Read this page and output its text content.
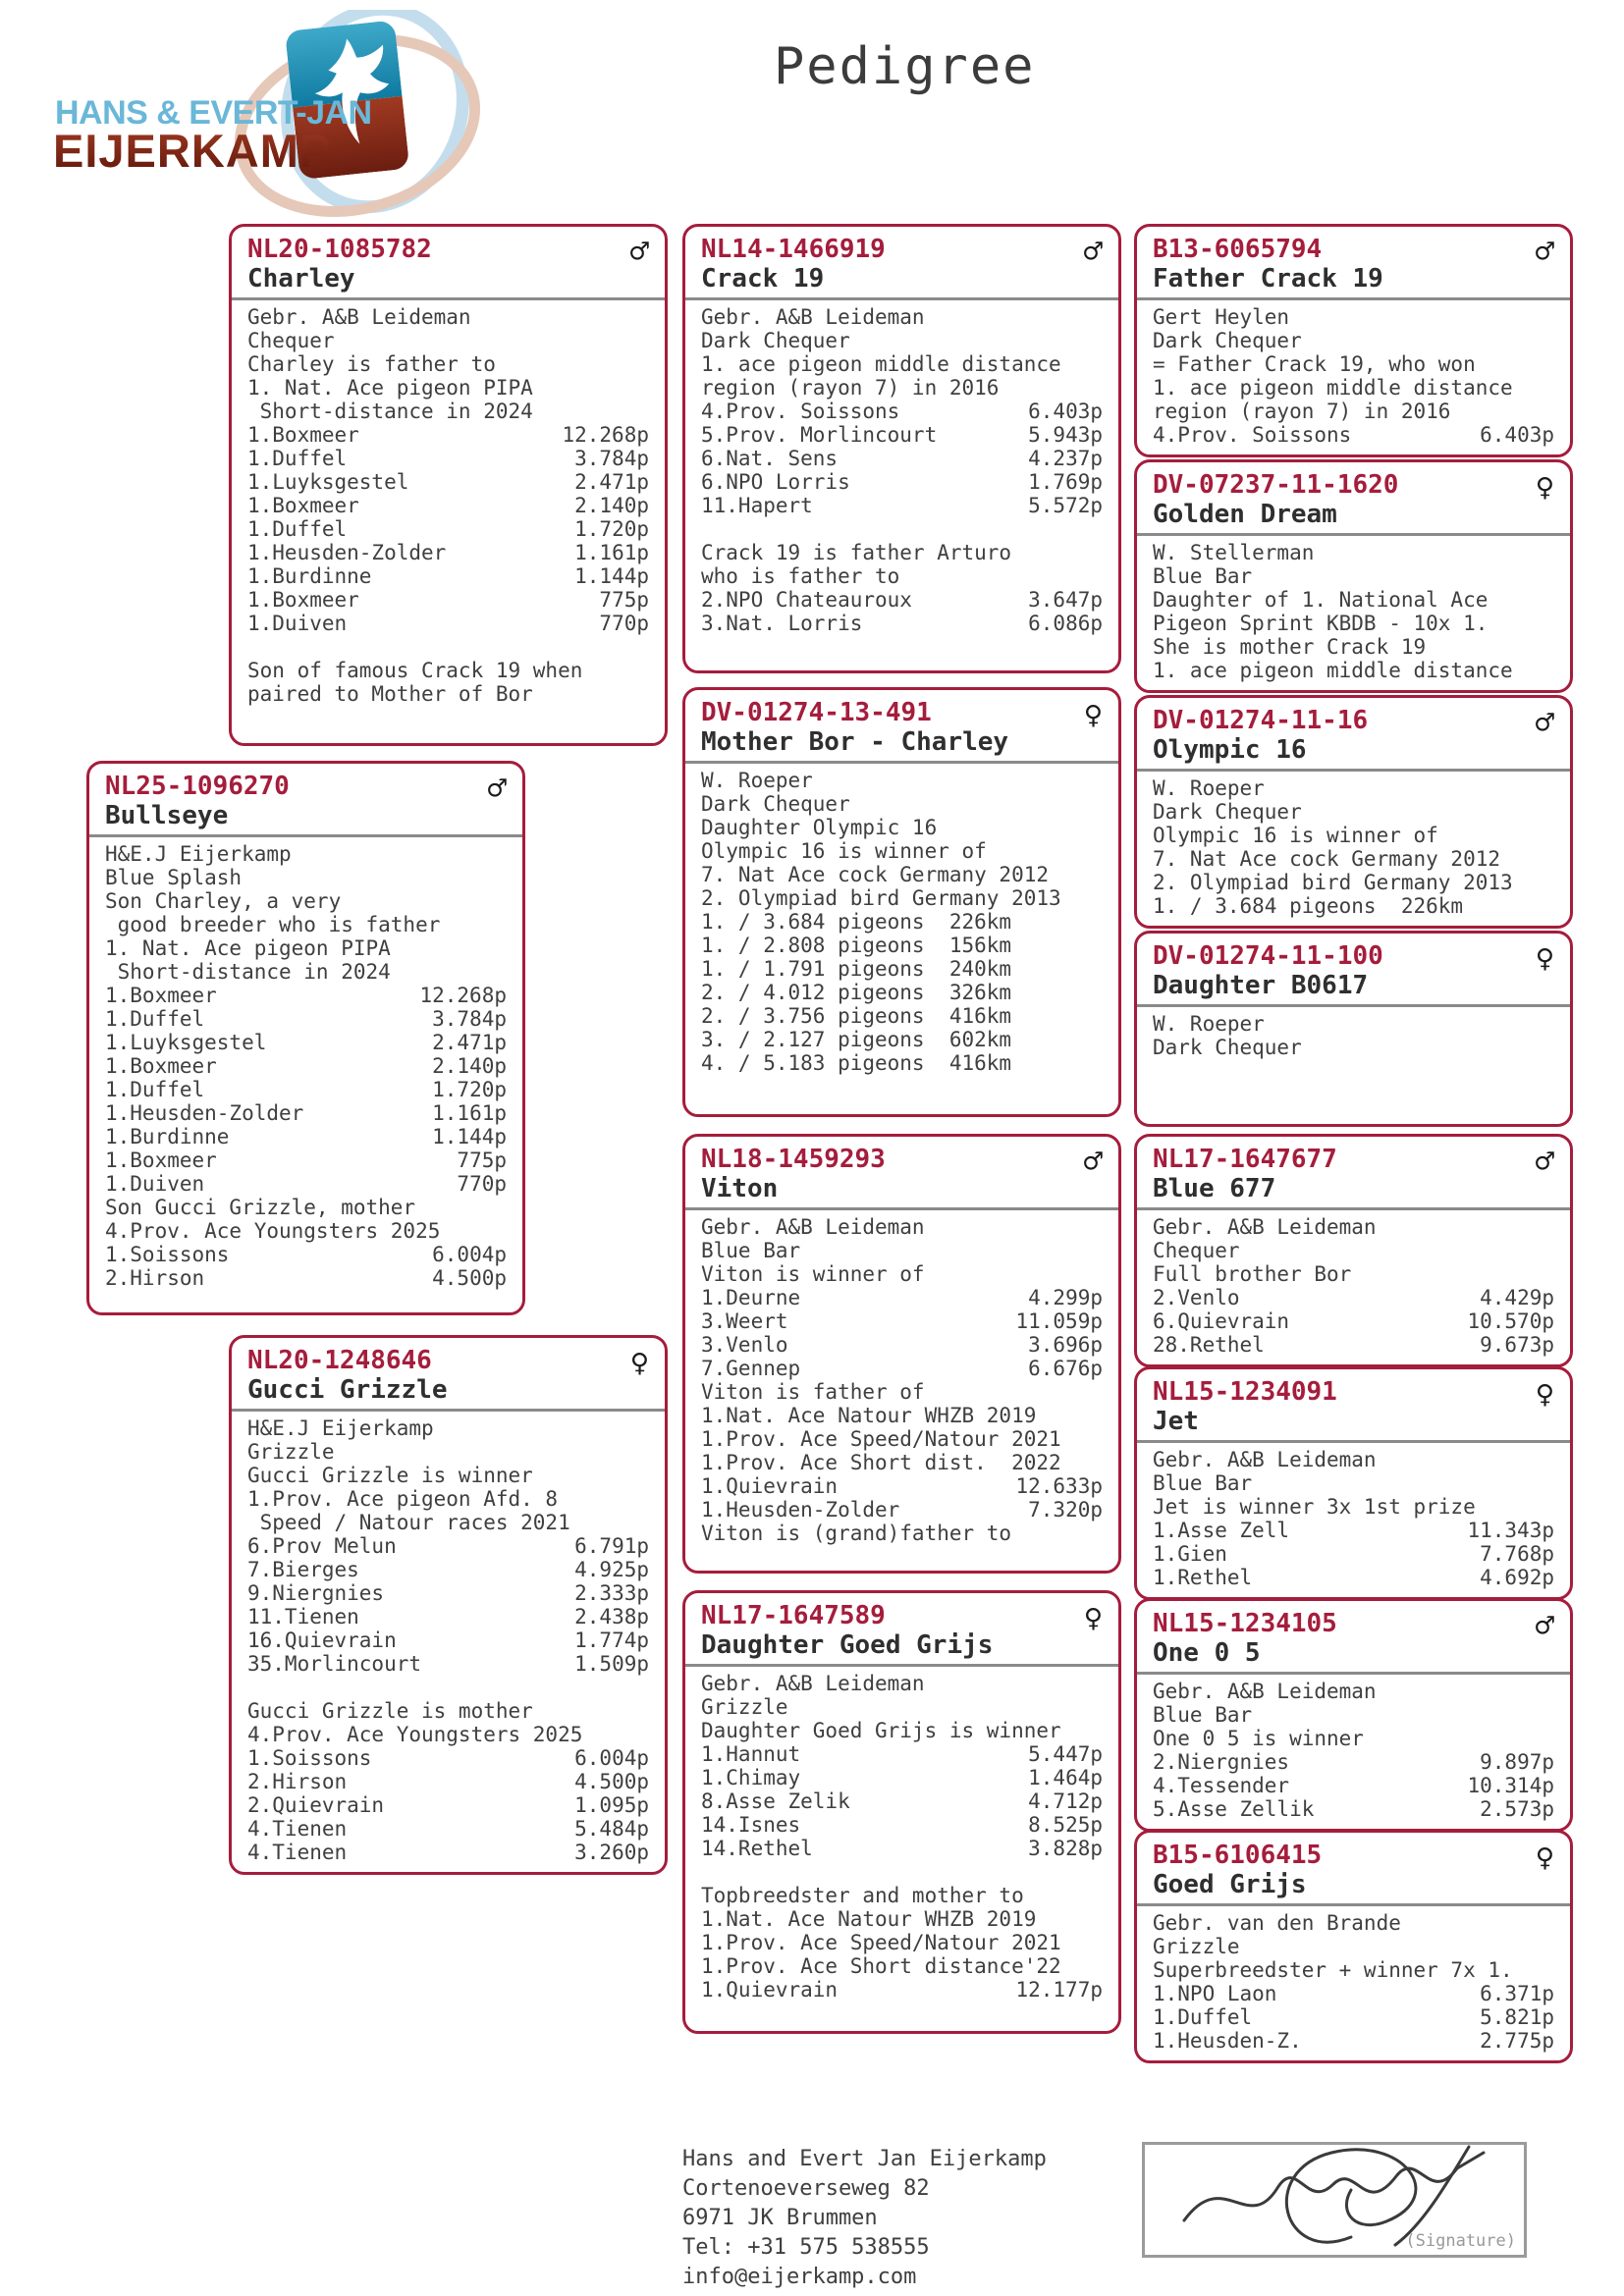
HANS & EVERT-JAN
EIJERKAMP
Pedigree
NL20-1085782
Charley
♂
Gebr. A&B Leideman
Chequer
Charley is father to
1. Nat. Ace pigeon PIPA
Short-distance in 2024
1.Boxmeer	12.268p
1.Duffel	3.784p
1.Luyksgestel	2.471p
1.Boxmeer	2.140p
1.Duffel	1.720p
1.Heusden-Zolder	1.161p
1.Burdinne	1.144p
1.Boxmeer	775p
1.Duiven	770p

Son of famous Crack 19 when
paired to Mother of Bor
NL25-1096270
Bullseye
♂
H&E.J Eijerkamp
Blue Splash
Son Charley, a very
good breeder who is father
1. Nat. Ace pigeon PIPA
Short-distance in 2024
1.Boxmeer	12.268p
1.Duffel	3.784p
1.Luyksgestel	2.471p
1.Boxmeer	2.140p
1.Duffel	1.720p
1.Heusden-Zolder	1.161p
1.Burdinne	1.144p
1.Boxmeer	775p
1.Duiven	770p
Son Gucci Grizzle, mother
4.Prov. Ace Youngsters 2025
1.Soissons	6.004p
2.Hirson	4.500p
NL20-1248646
Gucci Grizzle
♀
H&E.J Eijerkamp
Grizzle
Gucci Grizzle is winner
1.Prov. Ace pigeon Afd. 8
Speed / Natour races 2021
6.Prov Melun	6.791p
7.Bierges	4.925p
9.Niergnies	2.333p
11.Tienen	2.438p
16.Quievrain	1.774p
35.Morlincourt	1.509p

Gucci Grizzle is mother
4.Prov. Ace Youngsters 2025
1.Soissons	6.004p
2.Hirson	4.500p
2.Quievrain	1.095p
4.Tienen	5.484p
4.Tienen	3.260p
NL14-1466919
Crack 19
♂
Gebr. A&B Leideman
Dark Chequer
1. ace pigeon middle distance
region (rayon 7) in 2016
4.Prov. Soissons	6.403p
5.Prov. Morlincourt	5.943p
6.Nat. Sens	4.237p
6.NPO Lorris	1.769p
11.Hapert	5.572p

Crack 19 is father Arturo
who is father to
2.NPO Chateauroux	3.647p
3.Nat. Lorris	6.086p
DV-01274-13-491
Mother Bor - Charley
♀
W. Roeper
Dark Chequer
Daughter Olympic 16
Olympic 16 is winner of
7. Nat Ace cock Germany 2012
2. Olympiad bird Germany 2013
1. / 3.684 pigeons  226km
1. / 2.808 pigeons  156km
1. / 1.791 pigeons  240km
2. / 4.012 pigeons  326km
2. / 3.756 pigeons  416km
3. / 2.127 pigeons  602km
4. / 5.183 pigeons  416km
NL18-1459293
Viton
♂
Gebr. A&B Leideman
Blue Bar
Viton is winner of
1.Deurne	4.299p
3.Weert	11.059p
3.Venlo	3.696p
7.Gennep	6.676p
Viton is father of
1.Nat. Ace Natour WHZB 2019
1.Prov. Ace Speed/Natour 2021
1.Prov. Ace Short dist.  2022
1.Quievrain	12.633p
1.Heusden-Zolder	7.320p
Viton is (grand)father to
NL17-1647589
Daughter Goed Grijs
♀
Gebr. A&B Leideman
Grizzle
Daughter Goed Grijs is winner
1.Hannut	5.447p
1.Chimay	1.464p
8.Asse Zelik	4.712p
14.Isnes	8.525p
14.Rethel	3.828p

Topbreedster and mother to
1.Nat. Ace Natour WHZB 2019
1.Prov. Ace Speed/Natour 2021
1.Prov. Ace Short distance'22
1.Quievrain	12.177p
B13-6065794
Father Crack 19
♂
Gert Heylen
Dark Chequer
= Father Crack 19, who won
1. ace pigeon middle distance
region (rayon 7) in 2016
4.Prov. Soissons	6.403p
DV-07237-11-1620
Golden Dream
♀
W. Stellerman
Blue Bar
Daughter of 1. National Ace
Pigeon Sprint KBDB - 10x 1.
She is mother Crack 19
1. ace pigeon middle distance
DV-01274-11-16
Olympic 16
♂
W. Roeper
Dark Chequer
Olympic 16 is winner of
7. Nat Ace cock Germany 2012
2. Olympiad bird Germany 2013
1. / 3.684 pigeons  226km
DV-01274-11-100
Daughter B0617
♀
W. Roeper
Dark Chequer
NL17-1647677
Blue 677
♂
Gebr. A&B Leideman
Chequer
Full brother Bor
2.Venlo	4.429p
6.Quievrain	10.570p
28.Rethel	9.673p
NL15-1234091
Jet
♀
Gebr. A&B Leideman
Blue Bar
Jet is winner 3x 1st prize
1.Asse Zell	11.343p
1.Gien	7.768p
1.Rethel	4.692p
NL15-1234105
One 0 5
♂
Gebr. A&B Leideman
Blue Bar
One 0 5 is winner
2.Niergnies	9.897p
4.Tessender	10.314p
5.Asse Zellik	2.573p
B15-6106415
Goed Grijs
♀
Gebr. van den Brande
Grizzle
Superbreedster + winner 7x 1.
1.NPO Laon	6.371p
1.Duffel	5.821p
1.Heusden-Z.	2.775p
Hans and Evert Jan Eijerkamp
Cortenoeverseweg 82
6971 JK Brummen
Tel: +31 575 538555
info@eijerkamp.com
(Signature)
